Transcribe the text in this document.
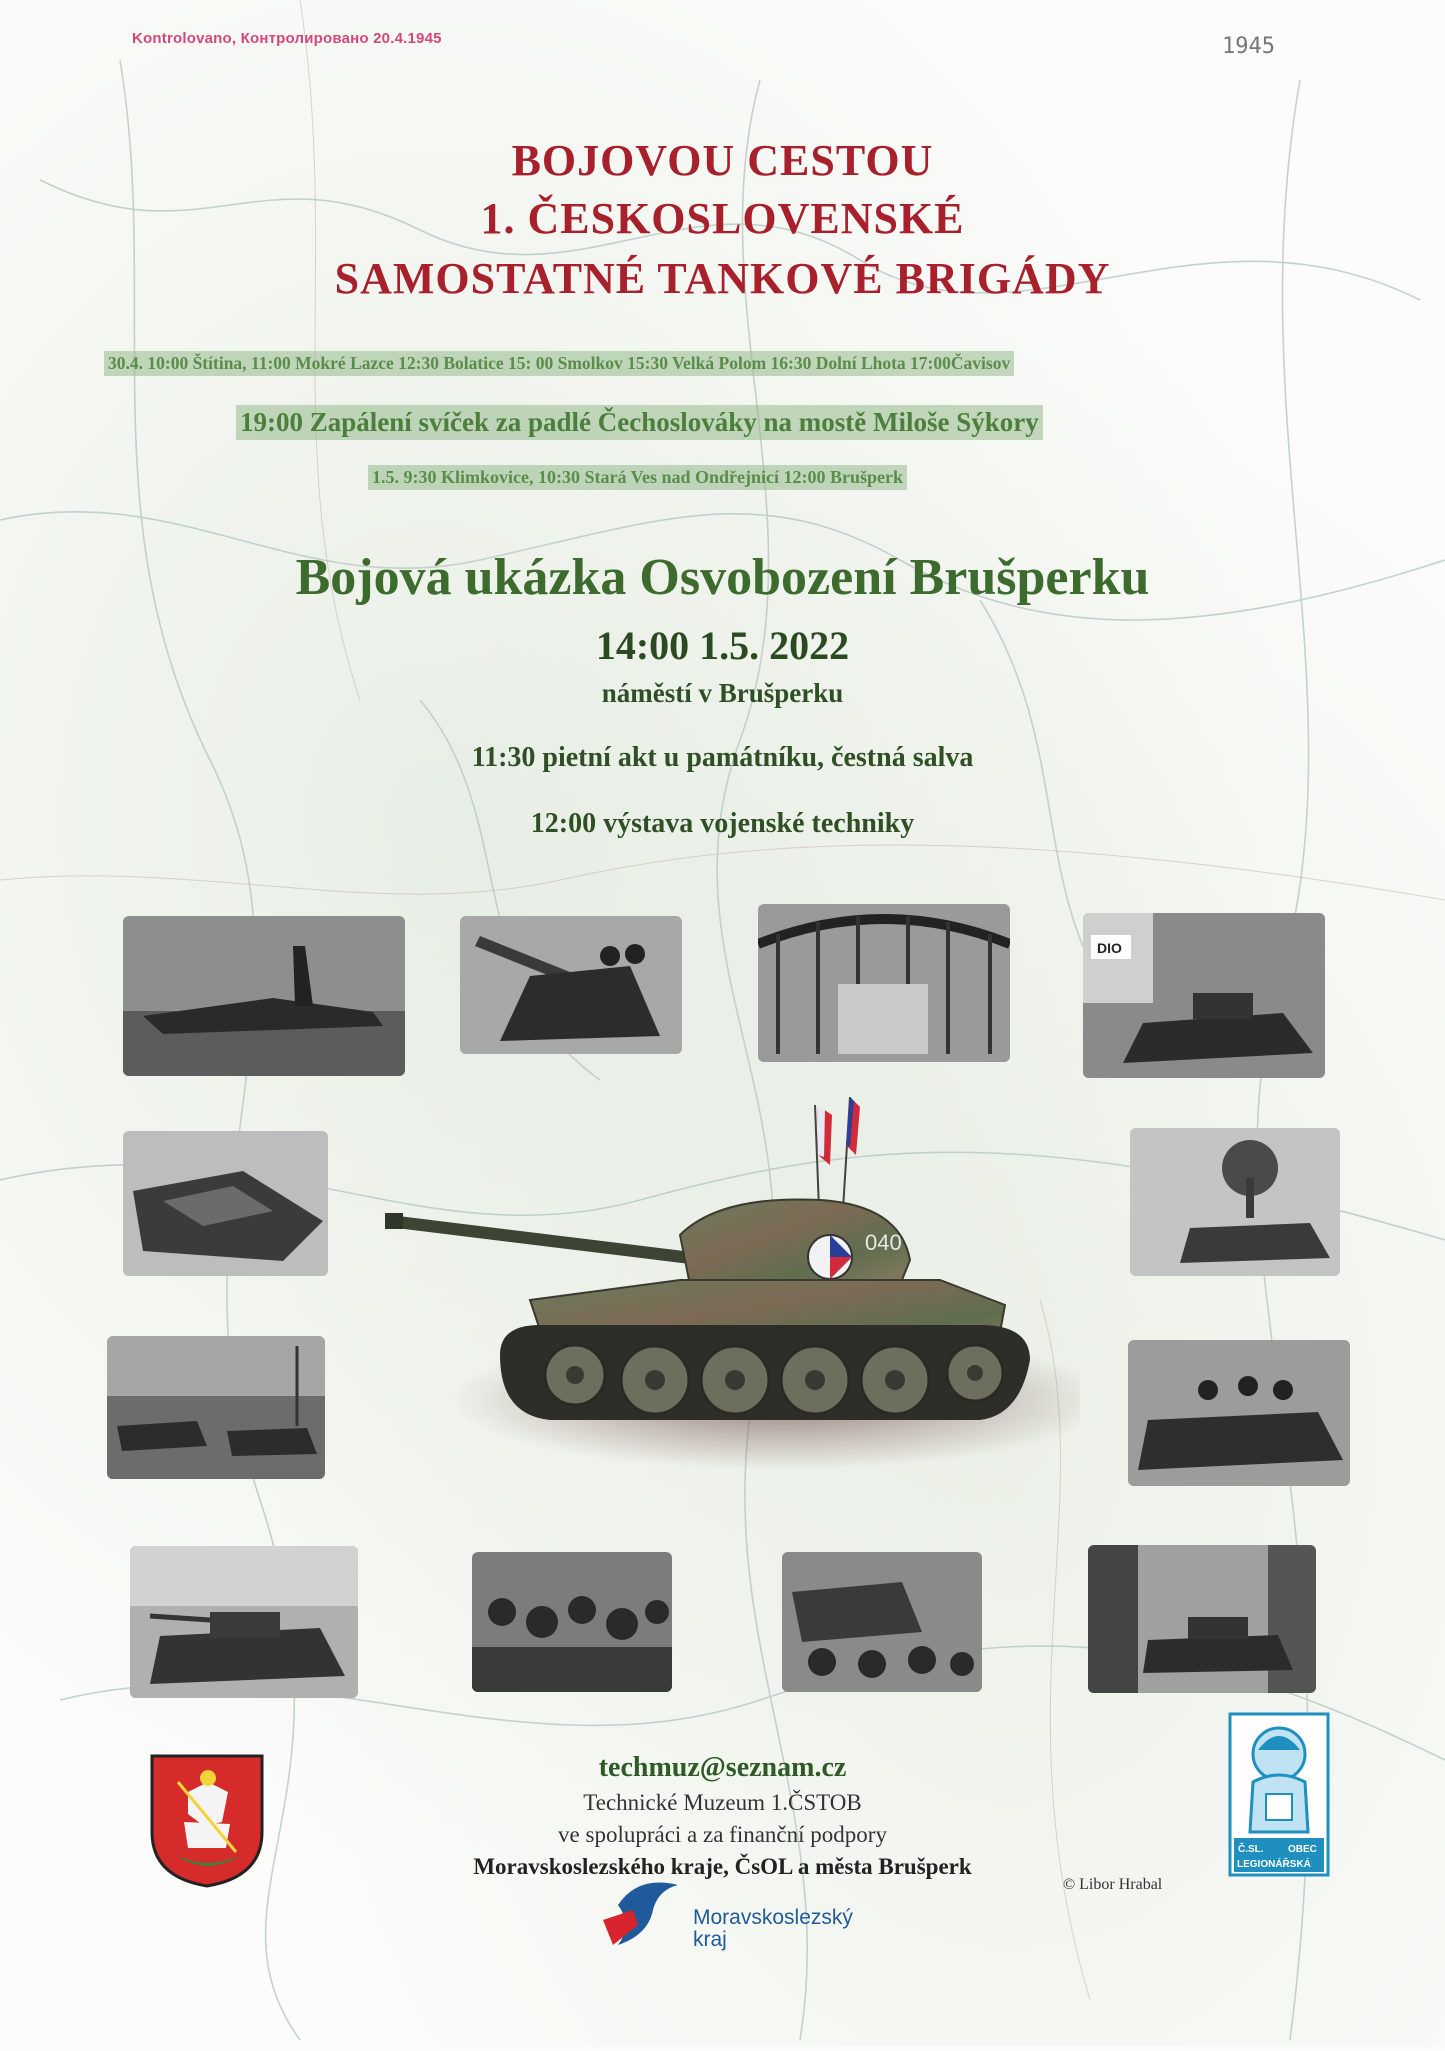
Kontrolovano, Контролировано 20.4.1945	1945
BOJOVOU CESTOU
1. ČESKOSLOVENSKÉ
SAMOSTATNÉ TANKOVÉ BRIGÁDY
30.4. 10:00 Štítina, 11:00 Mokré Lazce 12:30 Bolatice 15: 00 Smolkov 15:30 Velká Polom 16:30 Dolní Lhota 17:00Čavisov
19:00 Zapálení svíček za padlé Čechoslováky na mostě Miloše Sýkory
1.5. 9:30 Klimkovice, 10:30 Stará Ves nad Ondřejnicí 12:00 Brušperk
Bojová ukázka Osvobození Brušperku
14:00 1.5. 2022
náměstí v Brušperku
11:30 pietní akt u památníku, čestná salva
12:00 výstava vojenské techniky
DIO
040
techmuz@seznam.cz
Technické Muzeum 1.ČSTOB
ve spolupráci a za finanční podpory
Moravskoslezského kraje, ČsOL a města Brušperk
© Libor Hrabal
Moravskoslezský
kraj
Č.SL. OBEC
LEGIONÁŘSKÁ
